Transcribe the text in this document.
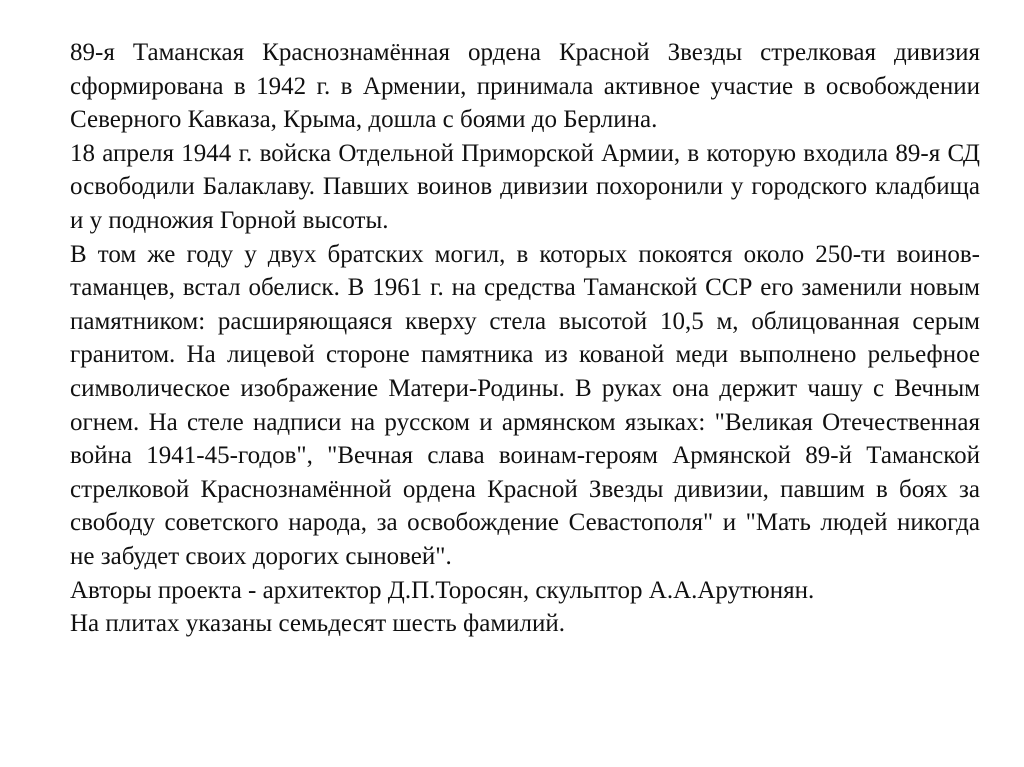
89-я Таманская Краснознамённая ордена Красной Звезды стрелковая дивизия сформирована в 1942 г. в Армении, принимала активное участие в освобождении Северного Кавказа, Крыма, дошла с боями до Берлина.

18 апреля 1944 г. войска Отдельной Приморской Армии, в которую входила 89-я СД освободили Балаклаву. Павших воинов дивизии похоронили у городского кладбища и у подножия Горной высоты.

В том же году у двух братских могил, в которых покоятся около 250-ти воинов-таманцев, встал обелиск. В 1961 г. на средства Таманской ССР его заменили новым памятником: расширяющаяся кверху стела высотой 10,5 м, облицованная серым гранитом. На лицевой стороне памятника из кованой меди выполнено рельефное символическое изображение Матери-Родины. В руках она держит чашу с Вечным огнем. На стеле надписи на русском и армянском языках: "Великая Отечественная война 1941-45-годов", "Вечная слава воинам-героям Армянской 89-й Таманской стрелковой Краснознамённой ордена Красной Звезды дивизии, павшим в боях за свободу советского народа, за освобождение Севастополя" и "Мать людей никогда не забудет своих дорогих сыновей".

Авторы проекта - архитектор Д.П.Торосян, скульптор А.А.Арутюнян.

На плитах указаны семьдесят шесть фамилий.
